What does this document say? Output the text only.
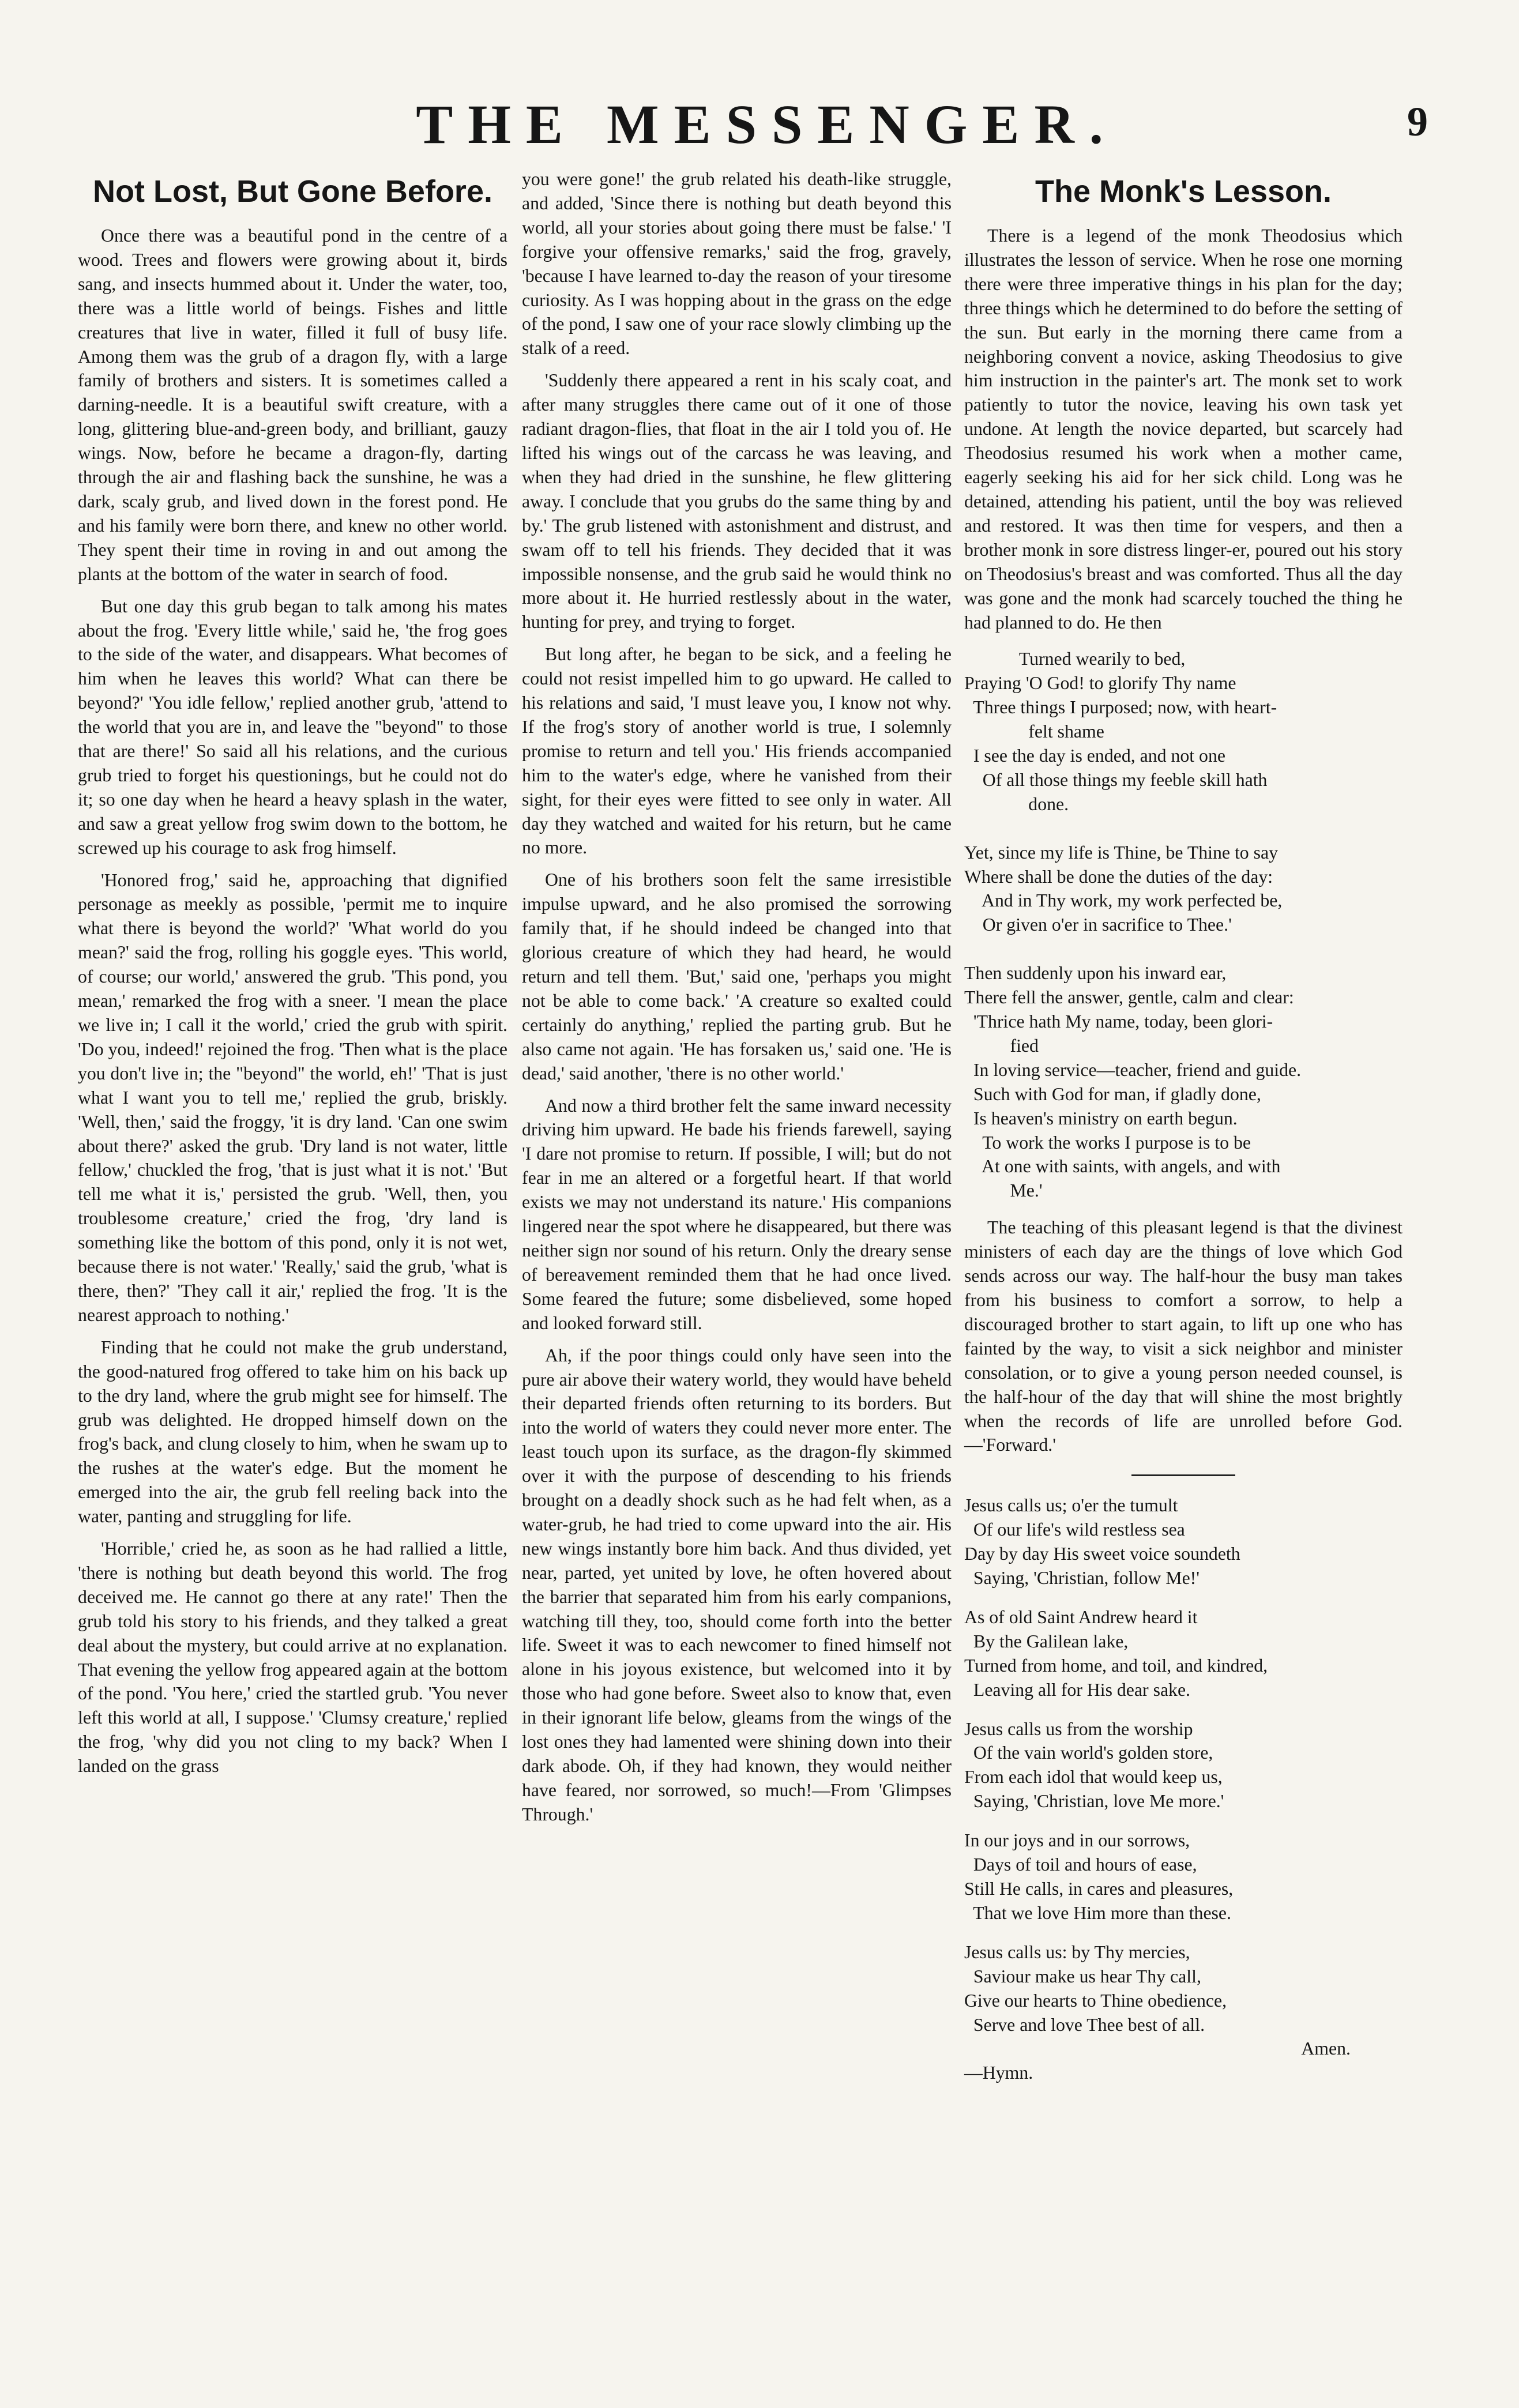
THE MESSENGER.	9
Not Lost, But Gone Before.

Once there was a beautiful pond in the centre of a wood. Trees and flowers were growing about it, birds sang, and insects hummed about it. Under the water, too, there was a little world of beings. Fishes and little creatures that live in water, filled it full of busy life. Among them was the grub of a dragon fly, with a large family of brothers and sisters. It is sometimes called a darning-needle. It is a beautiful swift creature, with a long, glittering blue-and-green body, and brilliant, gauzy wings. Now, before he became a dragon-fly, darting through the air and flashing back the sunshine, he was a dark, scaly grub, and lived down in the forest pond. He and his family were born there, and knew no other world. They spent their time in roving in and out among the plants at the bottom of the water in search of food.

But one day this grub began to talk among his mates about the frog. 'Every little while,' said he, 'the frog goes to the side of the water, and disappears. What becomes of him when he leaves this world? What can there be beyond?' 'You idle fellow,' replied another grub, 'attend to the world that you are in, and leave the "beyond" to those that are there!' So said all his relations, and the curious grub tried to forget his questionings, but he could not do it; so one day when he heard a heavy splash in the water, and saw a great yellow frog swim down to the bottom, he screwed up his courage to ask frog himself.

'Honored frog,' said he, approaching that dignified personage as meekly as possible, 'permit me to inquire what there is beyond the world?' 'What world do you mean?' said the frog, rolling his goggle eyes. 'This world, of course; our world,' answered the grub. 'This pond, you mean,' remarked the frog with a sneer. 'I mean the place we live in; I call it the world,' cried the grub with spirit. 'Do you, indeed!' rejoined the frog. 'Then what is the place you don't live in; the "beyond" the world, eh!' 'That is just what I want you to tell me,' replied the grub, briskly. 'Well, then,' said the froggy, 'it is dry land. 'Can one swim about there?' asked the grub. 'Dry land is not water, little fellow,' chuckled the frog, 'that is just what it is not.' 'But tell me what it is,' persisted the grub. 'Well, then, you troublesome creature,' cried the frog, 'dry land is something like the bottom of this pond, only it is not wet, because there is not water.' 'Really,' said the grub, 'what is there, then?' 'They call it air,' replied the frog. 'It is the nearest approach to nothing.'

Finding that he could not make the grub understand, the good-natured frog offered to take him on his back up to the dry land, where the grub might see for himself. The grub was delighted. He dropped himself down on the frog's back, and clung closely to him, when he swam up to the rushes at the water's edge. But the moment he emerged into the air, the grub fell reeling back into the water, panting and struggling for life.

'Horrible,' cried he, as soon as he had rallied a little, 'there is nothing but death beyond this world. The frog deceived me. He cannot go there at any rate!' Then the grub told his story to his friends, and they talked a great deal about the mystery, but could arrive at no explanation. That evening the yellow frog appeared again at the bottom of the pond. 'You here,' cried the startled grub. 'You never left this world at all, I suppose.' 'Clumsy creature,' replied the frog, 'why did you not cling to my back? When I landed on the grass

you were gone!' the grub related his death-like struggle, and added, 'Since there is nothing but death beyond this world, all your stories about going there must be false.' 'I forgive your offensive remarks,' said the frog, gravely, 'because I have learned to-day the reason of your tiresome curiosity. As I was hopping about in the grass on the edge of the pond, I saw one of your race slowly climbing up the stalk of a reed.

'Suddenly there appeared a rent in his scaly coat, and after many struggles there came out of it one of those radiant dragon-flies, that float in the air I told you of. He lifted his wings out of the carcass he was leaving, and when they had dried in the sunshine, he flew glittering away. I conclude that you grubs do the same thing by and by.' The grub listened with astonishment and distrust, and swam off to tell his friends. They decided that it was impossible nonsense, and the grub said he would think no more about it. He hurried restlessly about in the water, hunting for prey, and trying to forget.

But long after, he began to be sick, and a feeling he could not resist impelled him to go upward. He called to his relations and said, 'I must leave you, I know not why. If the frog's story of another world is true, I solemnly promise to return and tell you.' His friends accompanied him to the water's edge, where he vanished from their sight, for their eyes were fitted to see only in water. All day they watched and waited for his return, but he came no more.

One of his brothers soon felt the same irresistible impulse upward, and he also promised the sorrowing family that, if he should indeed be changed into that glorious creature of which they had heard, he would return and tell them. 'But,' said one, 'perhaps you might not be able to come back.' 'A creature so exalted could certainly do anything,' replied the parting grub. But he also came not again. 'He has forsaken us,' said one. 'He is dead,' said another, 'there is no other world.'

And now a third brother felt the same inward necessity driving him upward. He bade his friends farewell, saying 'I dare not promise to return. If possible, I will; but do not fear in me an altered or a forgetful heart. If that world exists we may not understand its nature.' His companions lingered near the spot where he disappeared, but there was neither sign nor sound of his return. Only the dreary sense of bereavement reminded them that he had once lived. Some feared the future; some disbelieved, some hoped and looked forward still.

Ah, if the poor things could only have seen into the pure air above their watery world, they would have beheld their departed friends often returning to its borders. But into the world of waters they could never more enter. The least touch upon its surface, as the dragon-fly skimmed over it with the purpose of descending to his friends brought on a deadly shock such as he had felt when, as a water-grub, he had tried to come upward into the air. His new wings instantly bore him back. And thus divided, yet near, parted, yet united by love, he often hovered about the barrier that separated him from his early companions, watching till they, too, should come forth into the better life. Sweet it was to each newcomer to fined himself not alone in his joyous existence, but welcomed into it by those who had gone before. Sweet also to know that, even in their ignorant life below, gleams from the wings of the lost ones they had lamented were shining down into their dark abode. Oh, if they had known, they would neither have feared, nor sorrowed, so much!—From 'Glimpses Through.'

The Monk's Lesson.

There is a legend of the monk Theodosius which illustrates the lesson of service. When he rose one morning there were three imperative things in his plan for the day; three things which he determined to do before the setting of the sun. But early in the morning there came from a neighboring convent a novice, asking Theodosius to give him instruction in the painter's art. The monk set to work patiently to tutor the novice, leaving his own task yet undone. At length the novice departed, but scarcely had Theodosius resumed his work when a mother came, eagerly seeking his aid for her sick child. Long was he detained, attending his patient, until the boy was relieved and restored. It was then time for vespers, and then a brother monk in sore distress linger-er, poured out his story on Theodosius's breast and was comforted. Thus all the day was gone and the monk had scarcely touched the thing he had planned to do. He then

Turned wearily to bed,
Praying 'O God! to glorify Thy name
Three things I purposed; now, with heart-
felt shame
I see the day is ended, and not one
Of all those things my feeble skill hath
done.

Yet, since my life is Thine, be Thine to say
Where shall be done the duties of the day:
And in Thy work, my work perfected be,
Or given o'er in sacrifice to Thee.'

Then suddenly upon his inward ear,
There fell the answer, gentle, calm and clear:
'Thrice hath My name, today, been glori-
fied
In loving service—teacher, friend and guide.
Such with God for man, if gladly done,
Is heaven's ministry on earth begun.
To work the works I purpose is to be
At one with saints, with angels, and with
Me.'

The teaching of this pleasant legend is that the divinest ministers of each day are the things of love which God sends across our way. The half-hour the busy man takes from his business to comfort a sorrow, to help a discouraged brother to start again, to lift up one who has fainted by the way, to visit a sick neighbor and minister consolation, or to give a young person needed counsel, is the half-hour of the day that will shine the most brightly when the records of life are unrolled before God.—'Forward.'

Jesus calls us; o'er the tumult
Of our life's wild restless sea
Day by day His sweet voice soundeth
Saying, 'Christian, follow Me!'
As of old Saint Andrew heard it
By the Galilean lake,
Turned from home, and toil, and kindred,
Leaving all for His dear sake.
Jesus calls us from the worship
Of the vain world's golden store,
From each idol that would keep us,
Saying, 'Christian, love Me more.'
In our joys and in our sorrows,
Days of toil and hours of ease,
Still He calls, in cares and pleasures,
That we love Him more than these.
Jesus calls us: by Thy mercies,
Saviour make us hear Thy call,
Give our hearts to Thine obedience,
Serve and love Thee best of all.
Amen.
—Hymn.
